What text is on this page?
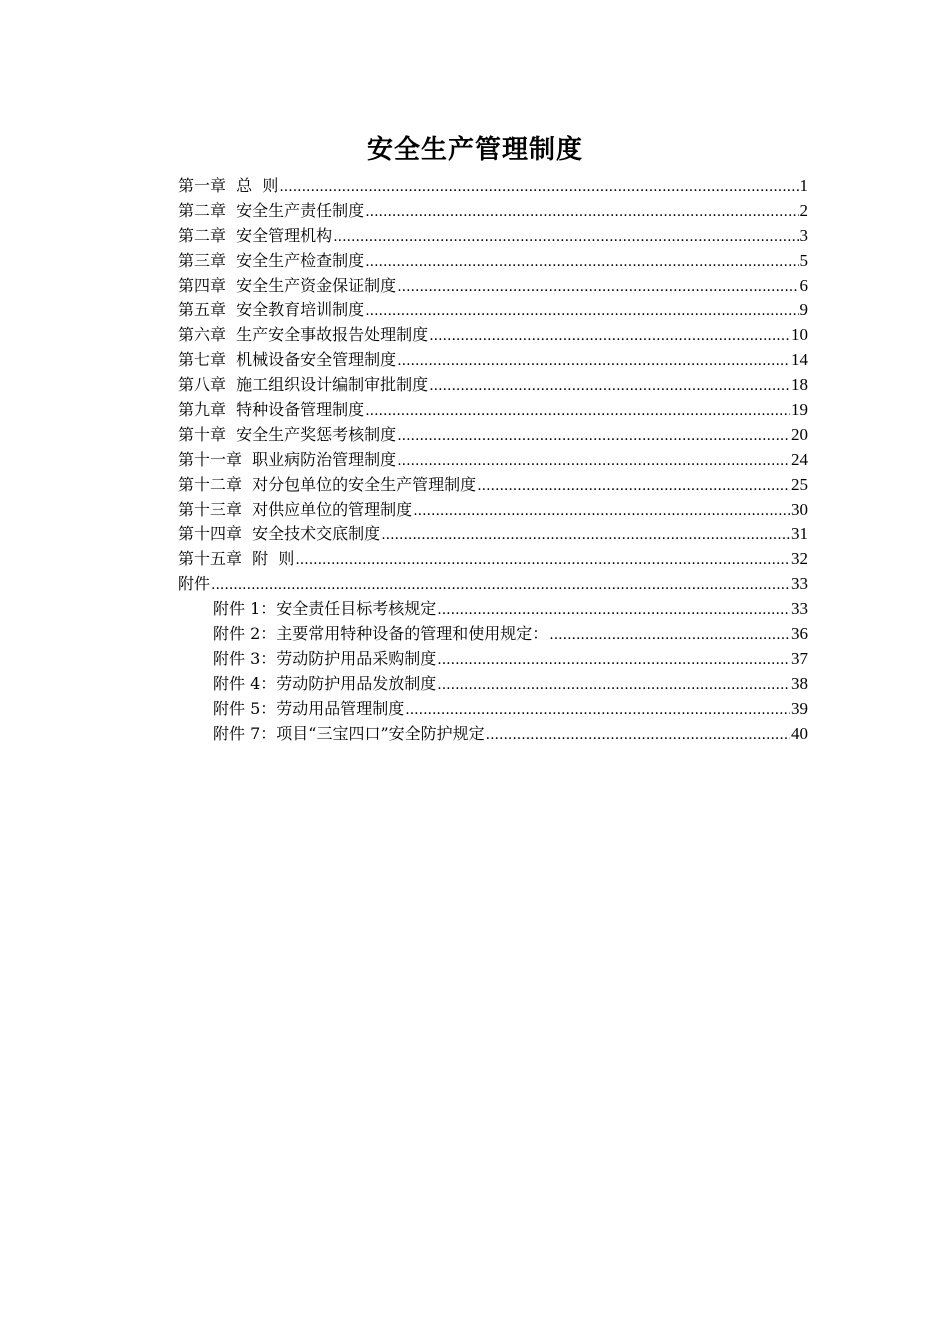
安全生产管理制度
第一章  总  则 .....	1
第二章  安全生产责任制度 .....	2
第二章  安全管理机构 .....	3
第三章  安全生产检查制度 .....	5
第四章  安全生产资金保证制度 .....	6
第五章  安全教育培训制度 .....	9
第六章  生产安全事故报告处理制度 .....	10
第七章  机械设备安全管理制度 .....	14
第八章  施工组织设计编制审批制度 .....	18
第九章  特种设备管理制度 .....	19
第十章  安全生产奖惩考核制度 .....	20
第十一章  职业病防治管理制度 .....	24
第十二章  对分包单位的安全生产管理制度 .....	25
第十三章  对供应单位的管理制度 .....	30
第十四章  安全技术交底制度 .....	31
第十五章  附  则 .....	32
附件 .....	33
附件 1：安全责任目标考核规定 .....	33
附件 2：主要常用特种设备的管理和使用规定： .....	36
附件 3：劳动防护用品采购制度 .....	37
附件 4：劳动防护用品发放制度 .....	38
附件 5：劳动用品管理制度 .....	39
附件 7：项目“三宝四口”安全防护规定 .....	40
